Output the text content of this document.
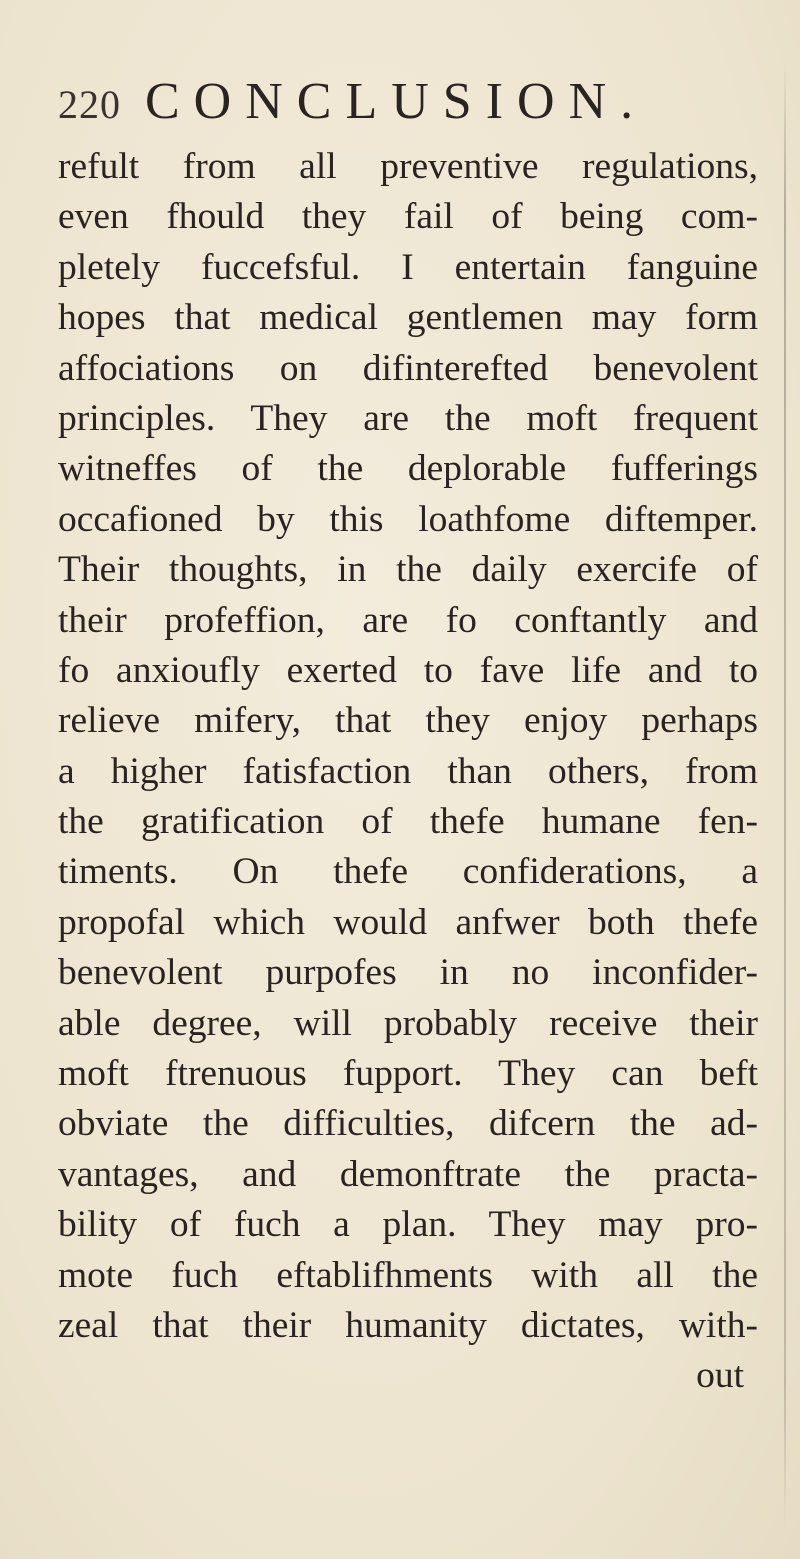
220 CONCLUSION.
refult from all preventive regulations,
even fhould they fail of being com-
pletely fuccefsful. I entertain fanguine
hopes that medical gentlemen may form
affociations on difinterefted benevolent
principles. They are the moft frequent
witneffes of the deplorable fufferings
occafioned by this loathfome diftemper.
Their thoughts, in the daily exercife of
their profeffion, are fo conftantly and
fo anxioufly exerted to fave life and to
relieve mifery, that they enjoy perhaps
a higher fatisfaction than others, from
the gratification of thefe humane fen-
timents. On thefe confiderations, a
propofal which would anfwer both thefe
benevolent purpofes in no inconfider-
able degree, will probably receive their
moft ftrenuous fupport. They can beft
obviate the difficulties, difcern the ad-
vantages, and demonftrate the practa-
bility of fuch a plan. They may pro-
mote fuch eftablifhments with all the
zeal that their humanity dictates, with-
out
